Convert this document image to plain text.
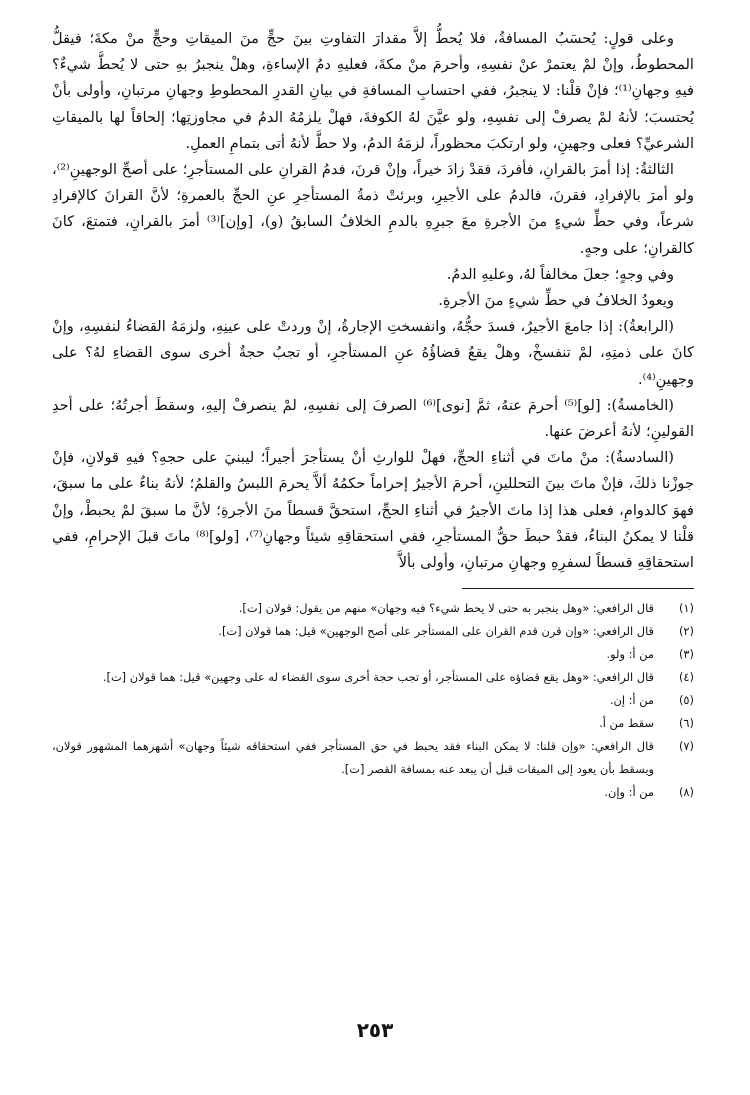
وعلى قولٍ: يُحسَبُ المسافةُ، فلا يُحطُّ إلاَّ مقدارَ التفاوتِ بينَ حجٍّ منَ الميقاتِ وحجٍّ منْ مكةَ؛ فيقلُّ المحطوطُ، وإنْ لمْ يعتمرْ عنْ نفسِهِ، وأحرمَ منْ مكةَ، فعليهِ دمُ الإساءةِ، وهلْ ينجبرُ بهِ حتى لا يُحطَّ شيءٌ؟ فيهِ وجهانِ⁽¹⁾؛ فإنْ قلْنا: لا ينجبرُ، ففي احتسابِ المسافةِ في بيانِ القدرِ المحطوطِ وجهانِ مرتبانِ، وأولى بأنْ يُحتسبَ؛ لأنهُ لمْ يصرفْ إلى نفسِهِ، ولو عيَّنَ لهُ الكوفةَ، فهلْ يلزمُهُ الدمُ في مجاوزتِها؛ إلحاقاً لها بالميقاتِ الشرعيِّ؟ فعلى وجهينِ، ولو ارتكبَ محظوراً، لزمَهُ الدمُ، ولا حطَّ لأنهُ أتى بتمامِ العملِ.

الثالثةُ: إذا أمرَ بالقرانِ، فأفردَ، فقدْ زادَ خيراً، وإنْ قرنَ، فدمُ القرانِ على المستأجرِ؛ على أصحِّ الوجهينِ⁽²⁾، ولو أمرَ بالإفرادِ، فقرنَ، فالدمُ على الأجيرِ، وبرئتْ ذمةُ المستأجرِ عنِ الحجِّ بالعمرةِ؛ لأنَّ القرانَ كالإفرادِ شرعاً، وفي حطِّ شيءٍ منَ الأجرةِ معَ جبرِهِ بالدمِ الخلافُ السابقُ (و)، [وإن]⁽³⁾ أمرَ بالقرانِ، فتمتعَ، كانَ كالقرانِ؛ على وجهٍ.

وفي وجهٍ؛ جعلَ مخالفاً لهُ، وعليهِ الدمُ.

ويعودُ الخلافُ في حطِّ شيءٍ منَ الأجرةِ.

(الرابعةُ): إذا جامعَ الأجيرُ، فسدَ حجُّهُ، وانفسختِ الإجارةُ، إنْ وردتْ على عينِهِ، ولزمَهُ القضاءُ لنفسِهِ، وإنْ كانَ على ذمتِهِ، لمْ تنفسخْ، وهلْ يقعُ قضاؤُهُ عنِ المستأجرِ، أو تجبُ حجةٌ أخرى سوى القضاءِ لهُ؟ على وجهينِ⁽⁴⁾.

(الخامسةُ): [لو]⁽⁵⁾ أحرمَ عنهُ، ثمَّ [نوى]⁽⁶⁾ الصرفَ إلى نفسِهِ، لمْ ينصرفْ إليهِ، وسقطَ أجرتُهُ؛ على أحدِ القولينِ؛ لأنهُ أعرضَ عنها.

(السادسةُ): منْ ماتَ في أثناءِ الحجِّ، فهلْ للوارثِ أنْ يستأجرَ أجيراً؛ ليبنيَ على حجهِ؟ فيهِ قولانِ، فإنْ جوزْنا ذلكَ، فإنْ ماتَ بينَ التحللينِ، أحرمَ الأجيرُ إحراماً حكمُهُ ألاَّ يحرمَ اللبسُ والقلمُ؛ لأنهُ بناءٌ على ما سبقَ، فهوَ كالدوامِ، فعلى هذا إذا ماتَ الأجيرُ في أثناءِ الحجِّ، استحقَّ قسطاً منَ الأجرةِ؛ لأنَّ ما سبقَ لمْ يحبطْ، وإنْ قلْنا لا يمكنُ البناءُ، فقدْ حبطَ حقُّ المستأجرِ، ففي استحقاقِهِ شيئاً وجهانِ⁽⁷⁾، [ولو]⁽⁸⁾ ماتَ قبلَ الإحرامِ، ففي استحقاقِهِ قسطاً لسفرِهِ وجهانِ مرتبانِ، وأولى بألاَّ

(١)
قال الرافعي: «وهل ينجبر به حتى لا يحط شيء؟ فيه وجهان» منهم من يقول: قولان [ت].
(٢)
قال الرافعي: «وإن قرن قدم القران على المستأجر على أصح الوجهين» قيل: هما قولان [ت].
(٣)
من أ: ولو.
(٤)
قال الرافعي: «وهل يقع قضاؤه على المستأجر، أو تجب حجة أخرى سوى القضاء له على وجهين» قيل: هما قولان [ت].
(٥)
من أ: إن.
(٦)
سقط من أ.
(٧)
قال الرافعي: «وإن قلنا: لا يمكن البناء فقد يحبط في حق المستأجر ففي استحقاقه شيئاً وجهان» أشهرهما المشهور قولان، ويسقط بأن يعود إلى الميقات قبل أن يبعد عنه بمسافة القصر [ت].
(٨)
من أ: وإن.
٢٥٣
